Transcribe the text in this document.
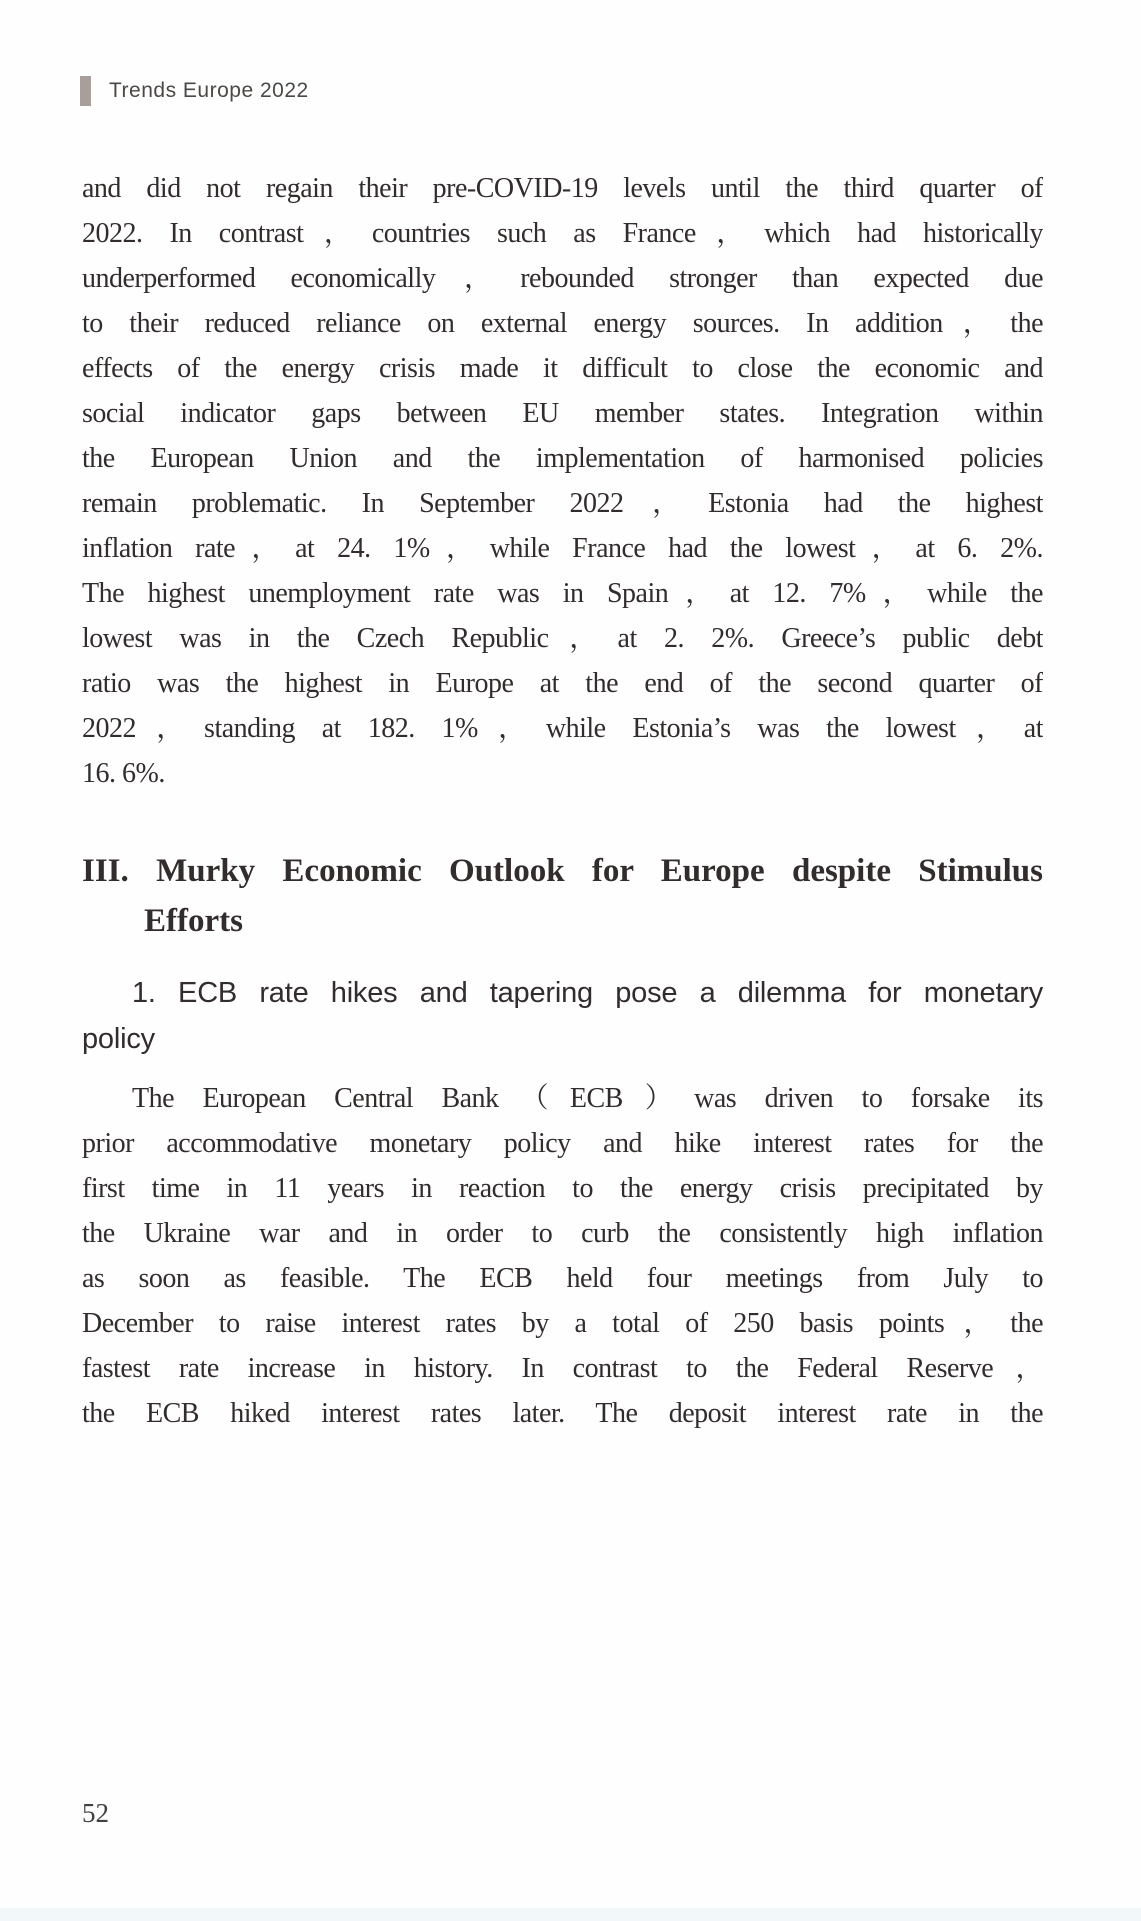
Trends Europe 2022
and did not regain their pre-COVID-19 levels until the third quarter of
2022. In contrast，countries such as France，which had historically
underperformed economically，rebounded stronger than expected due
to their reduced reliance on external energy sources. In addition，the
effects of the energy crisis made it difficult to close the economic and
social indicator gaps between EU member states. Integration within
the European Union and the implementation of harmonised policies
remain problematic. In September 2022，Estonia had the highest
inflation rate，at 24. 1%，while France had the lowest，at 6. 2%.
The highest unemployment rate was in Spain，at 12. 7%，while the
lowest was in the Czech Republic，at 2. 2%. Greece’s public debt
ratio was the highest in Europe at the end of the second quarter of
2022，standing at 182. 1%，while Estonia’s was the lowest，at
16. 6%.
III. Murky Economic Outlook for Europe despite Stimulus
Efforts
1. ECB rate hikes and tapering pose a dilemma for monetary
policy
The European Central Bank（ECB）was driven to forsake its
prior accommodative monetary policy and hike interest rates for the
first time in 11 years in reaction to the energy crisis precipitated by
the Ukraine war and in order to curb the consistently high inflation
as soon as feasible. The ECB held four meetings from July to
December to raise interest rates by a total of 250 basis points，the
fastest rate increase in history. In contrast to the Federal Reserve，
the ECB hiked interest rates later. The deposit interest rate in the
52
